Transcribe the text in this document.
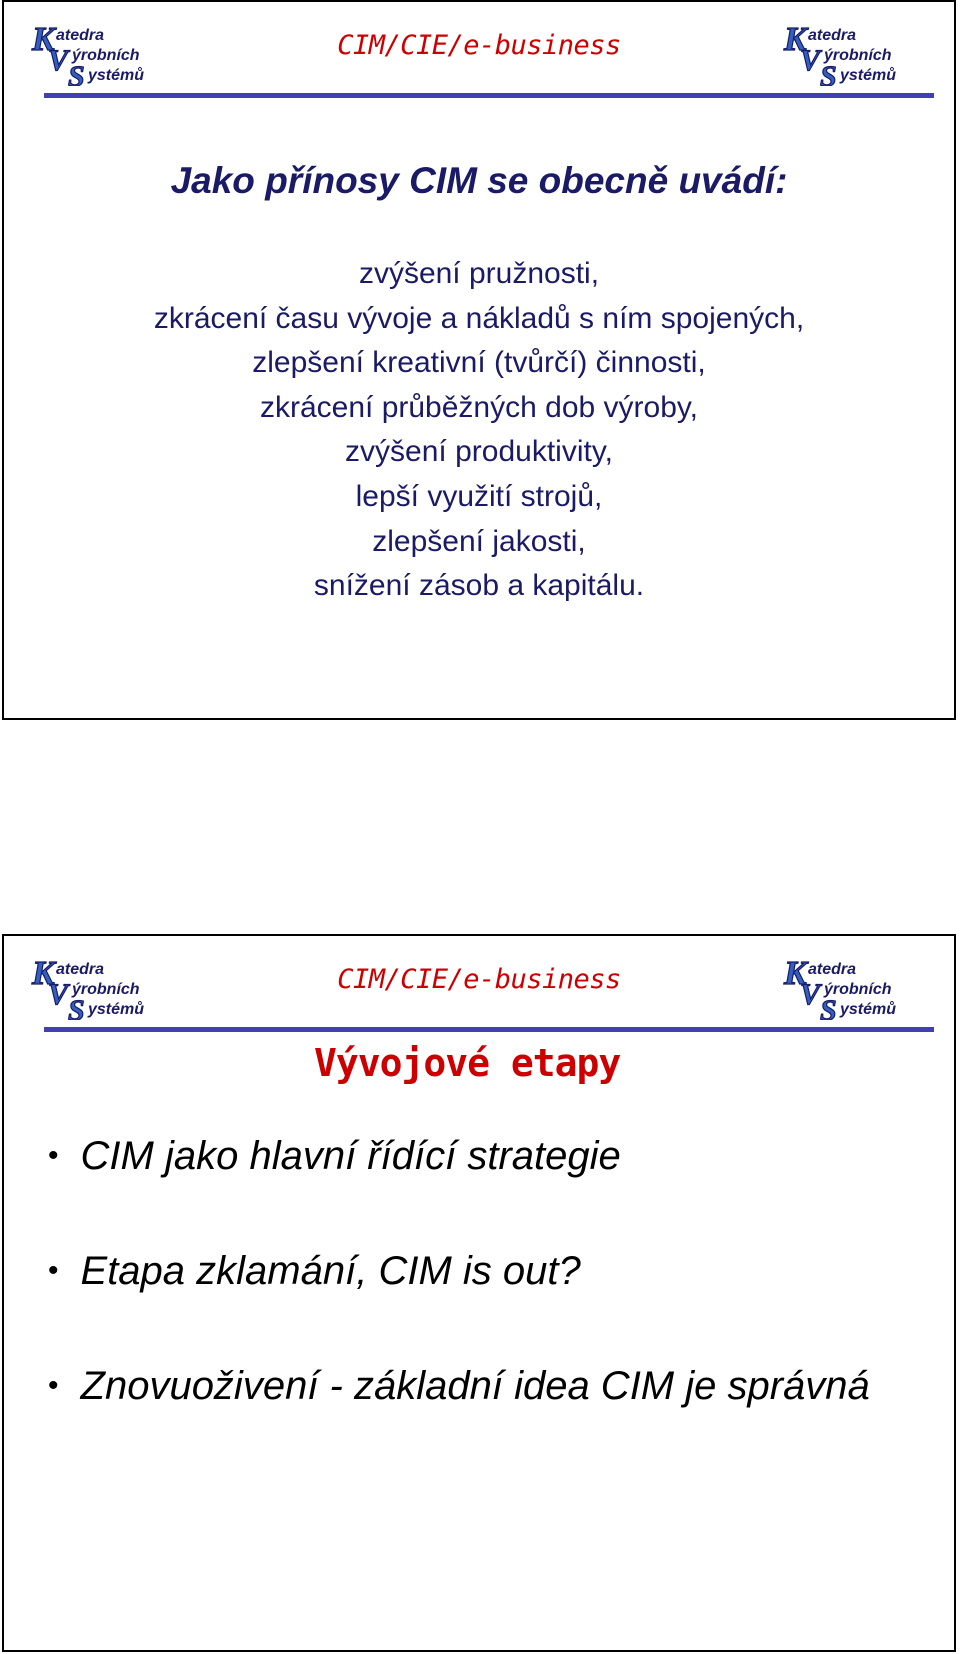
CIM/CIE/e-business
Jako přínosy CIM se obecně uvádí:
zvýšení pružnosti,
zkrácení času vývoje a nákladů s ním spojených,
zlepšení kreativní (tvůrčí) činnosti,
zkrácení průběžných dob výroby,
zvýšení produktivity,
lepší využití strojů,
zlepšení jakosti,
snížení zásob a kapitálu.
CIM/CIE/e-business
Vývojové etapy
• CIM jako hlavní řídící strategie
• Etapa zklamání, CIM is out?
• Znovuoživení - základní idea CIM je správná
